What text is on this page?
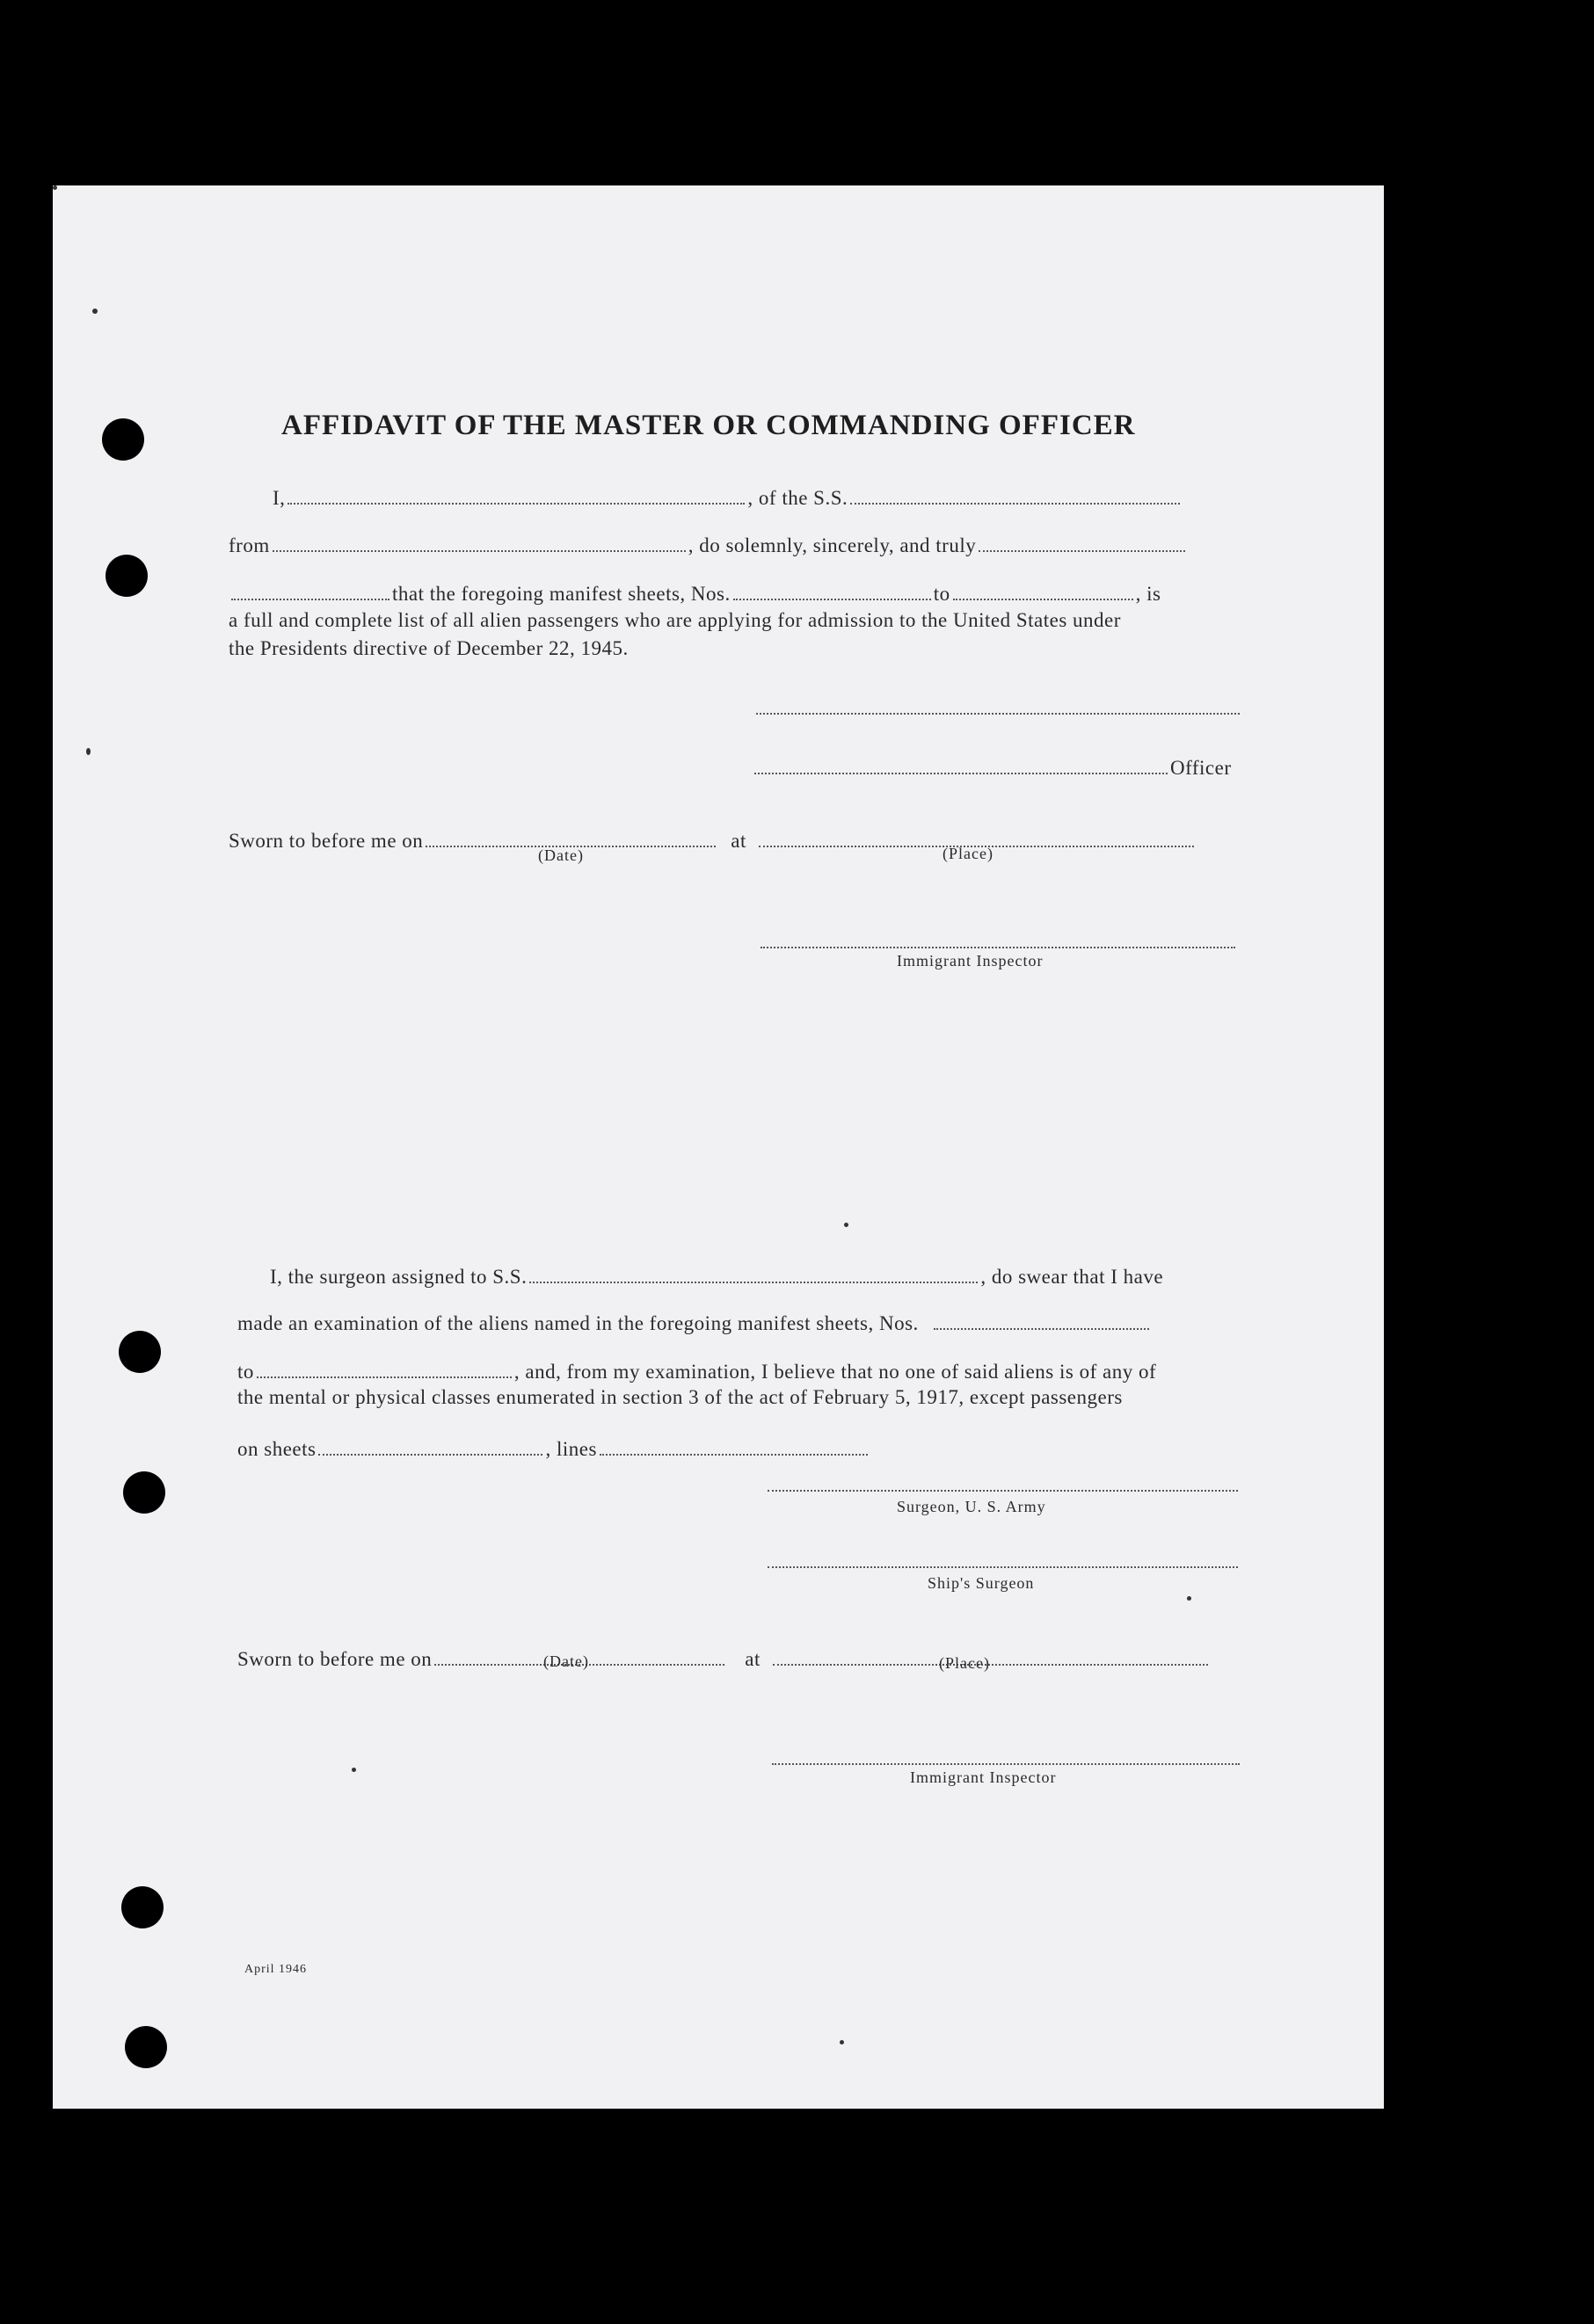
AFFIDAVIT OF THE MASTER OR COMMANDING OFFICER
I,	, of the S.S.
from	, do solemnly, sincerely, and truly
that the foregoing manifest sheets, Nos.	to	, is
a full and complete list of all alien passengers who are applying for admission to the United States under
the Presidents directive of December 22, 1945.
Officer
Sworn to before me on	at
(Date)	(Place)
Immigrant Inspector
I, the surgeon assigned to S.S.	, do swear that I have
made an examination of the aliens named in the foregoing manifest sheets, Nos.
to	, and, from my examination, I believe that no one of said aliens is of any of
the mental or physical classes enumerated in section 3 of the act of February 5, 1917, except passengers
on sheets	, lines
Surgeon, U. S. Army
Ship's Surgeon
Sworn to before me on	at
(Date)	(Place)
Immigrant Inspector
April 1946
